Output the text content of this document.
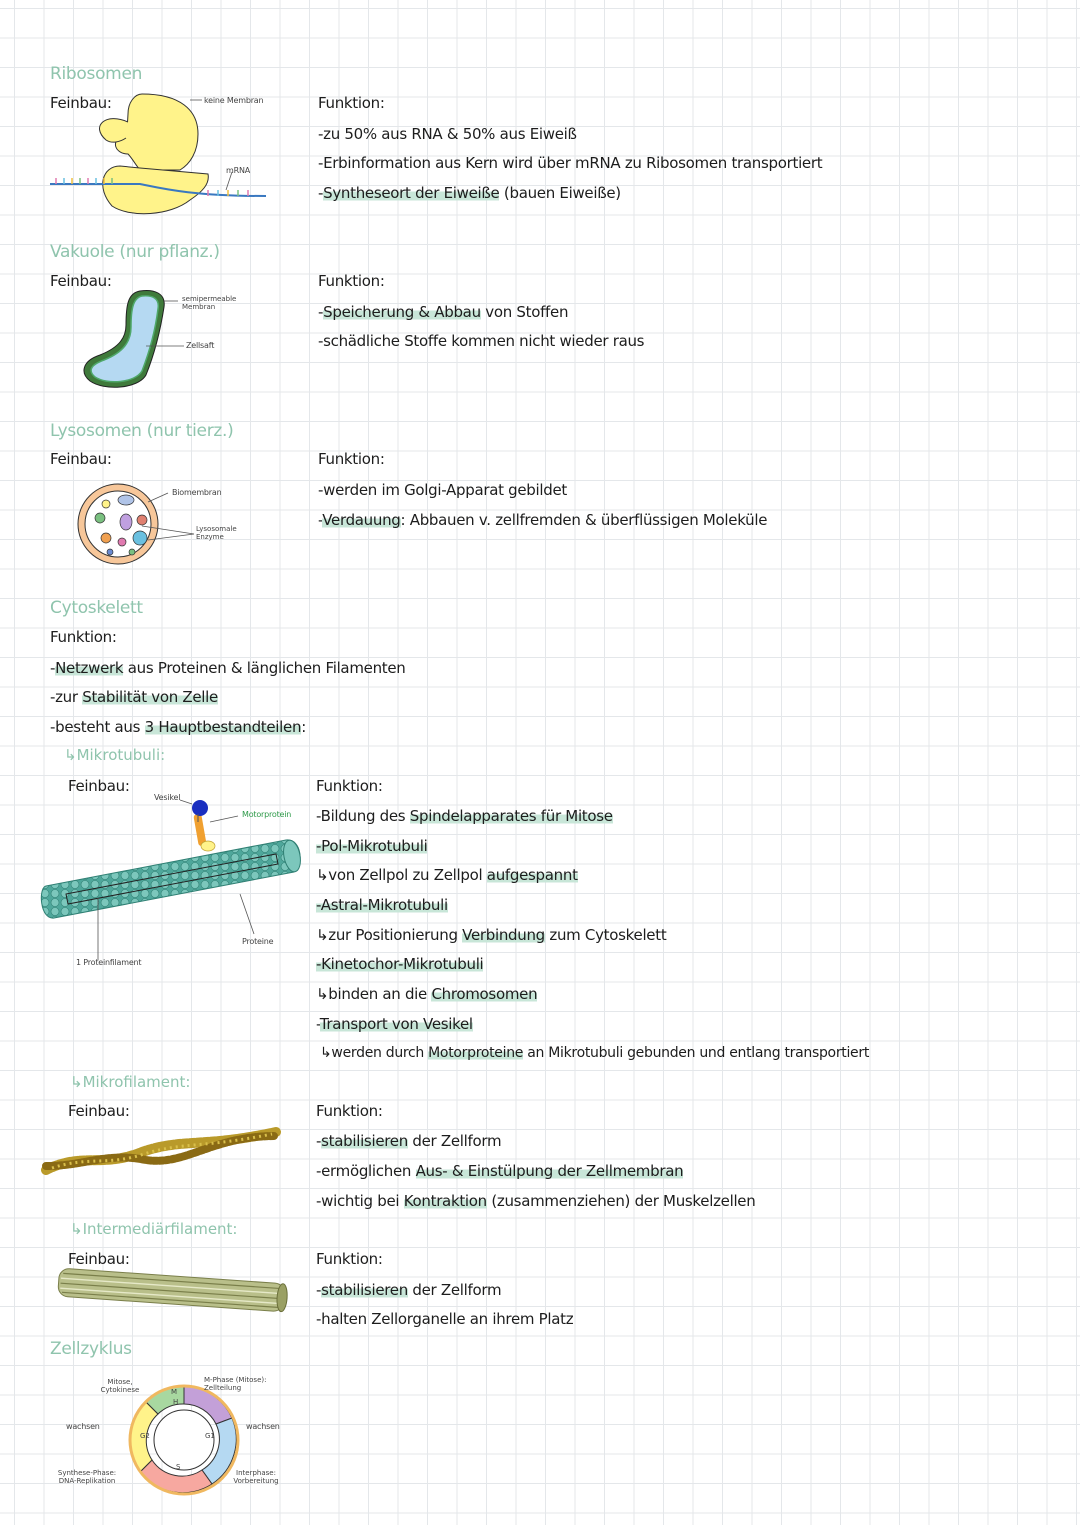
Ribosomen
Feinbau:	keine Membran
mRNA
Funktion:
-zu 50% aus RNA & 50% aus Eiweiß
-Erbinformation aus Kern wird über mRNA zu Ribosomen transportiert
-Syntheseort der Eiweiße (bauen Eiweiße)
Vakuole (nur pflanz.)
Feinbau:
semipermeable Membran
Zellsaft
Funktion:
-Speicherung & Abbau von Stoffen
-schädliche Stoffe kommen nicht wieder raus
Lysosomen (nur tierz.)
Feinbau:
Biomembran
Lysosomale Enzyme
Funktion:
-werden im Golgi-Apparat gebildet
-Verdauung: Abbauen v. zellfremden & überflüssigen Moleküle
Cytoskelett
Funktion:
-Netzwerk aus Proteinen & länglichen Filamenten
-zur Stabilität von Zelle
-besteht aus 3 Hauptbestandteilen:
↳Mikrotubuli:
Feinbau:
Vesikel
Motorprotein
Proteine
1 Proteinfilament
Funktion:
-Bildung des Spindelapparates für Mitose
-Pol-Mikrotubuli
↳von Zellpol zu Zellpol aufgespannt
-Astral-Mikrotubuli
↳zur Positionierung Verbindung zum Cytoskelett
-Kinetochor-Mikrotubuli
↳binden an die Chromosomen
-Transport von Vesikel
↳werden durch Motorproteine an Mikrotubuli gebunden und entlang transportiert
↳Mikrofilament:
Feinbau:	Funktion:
-stabilisieren der Zellform
-ermöglichen Aus- & Einstülpung der Zellmembran
-wichtig bei Kontraktion (zusammenziehen) der Muskelzellen
↳Intermediärfilament:
Feinbau:	Funktion:
-stabilisieren der Zellform
-halten Zellorganelle an ihrem Platz
Zellzyklus
M
H
G1
G2
S
Mitose, Cytokinese
M-Phase (Mitose): Zellteilung
wachsen	wachsen
Synthese-Phase: DNA-Replikation
Interphase: Vorbereitung
